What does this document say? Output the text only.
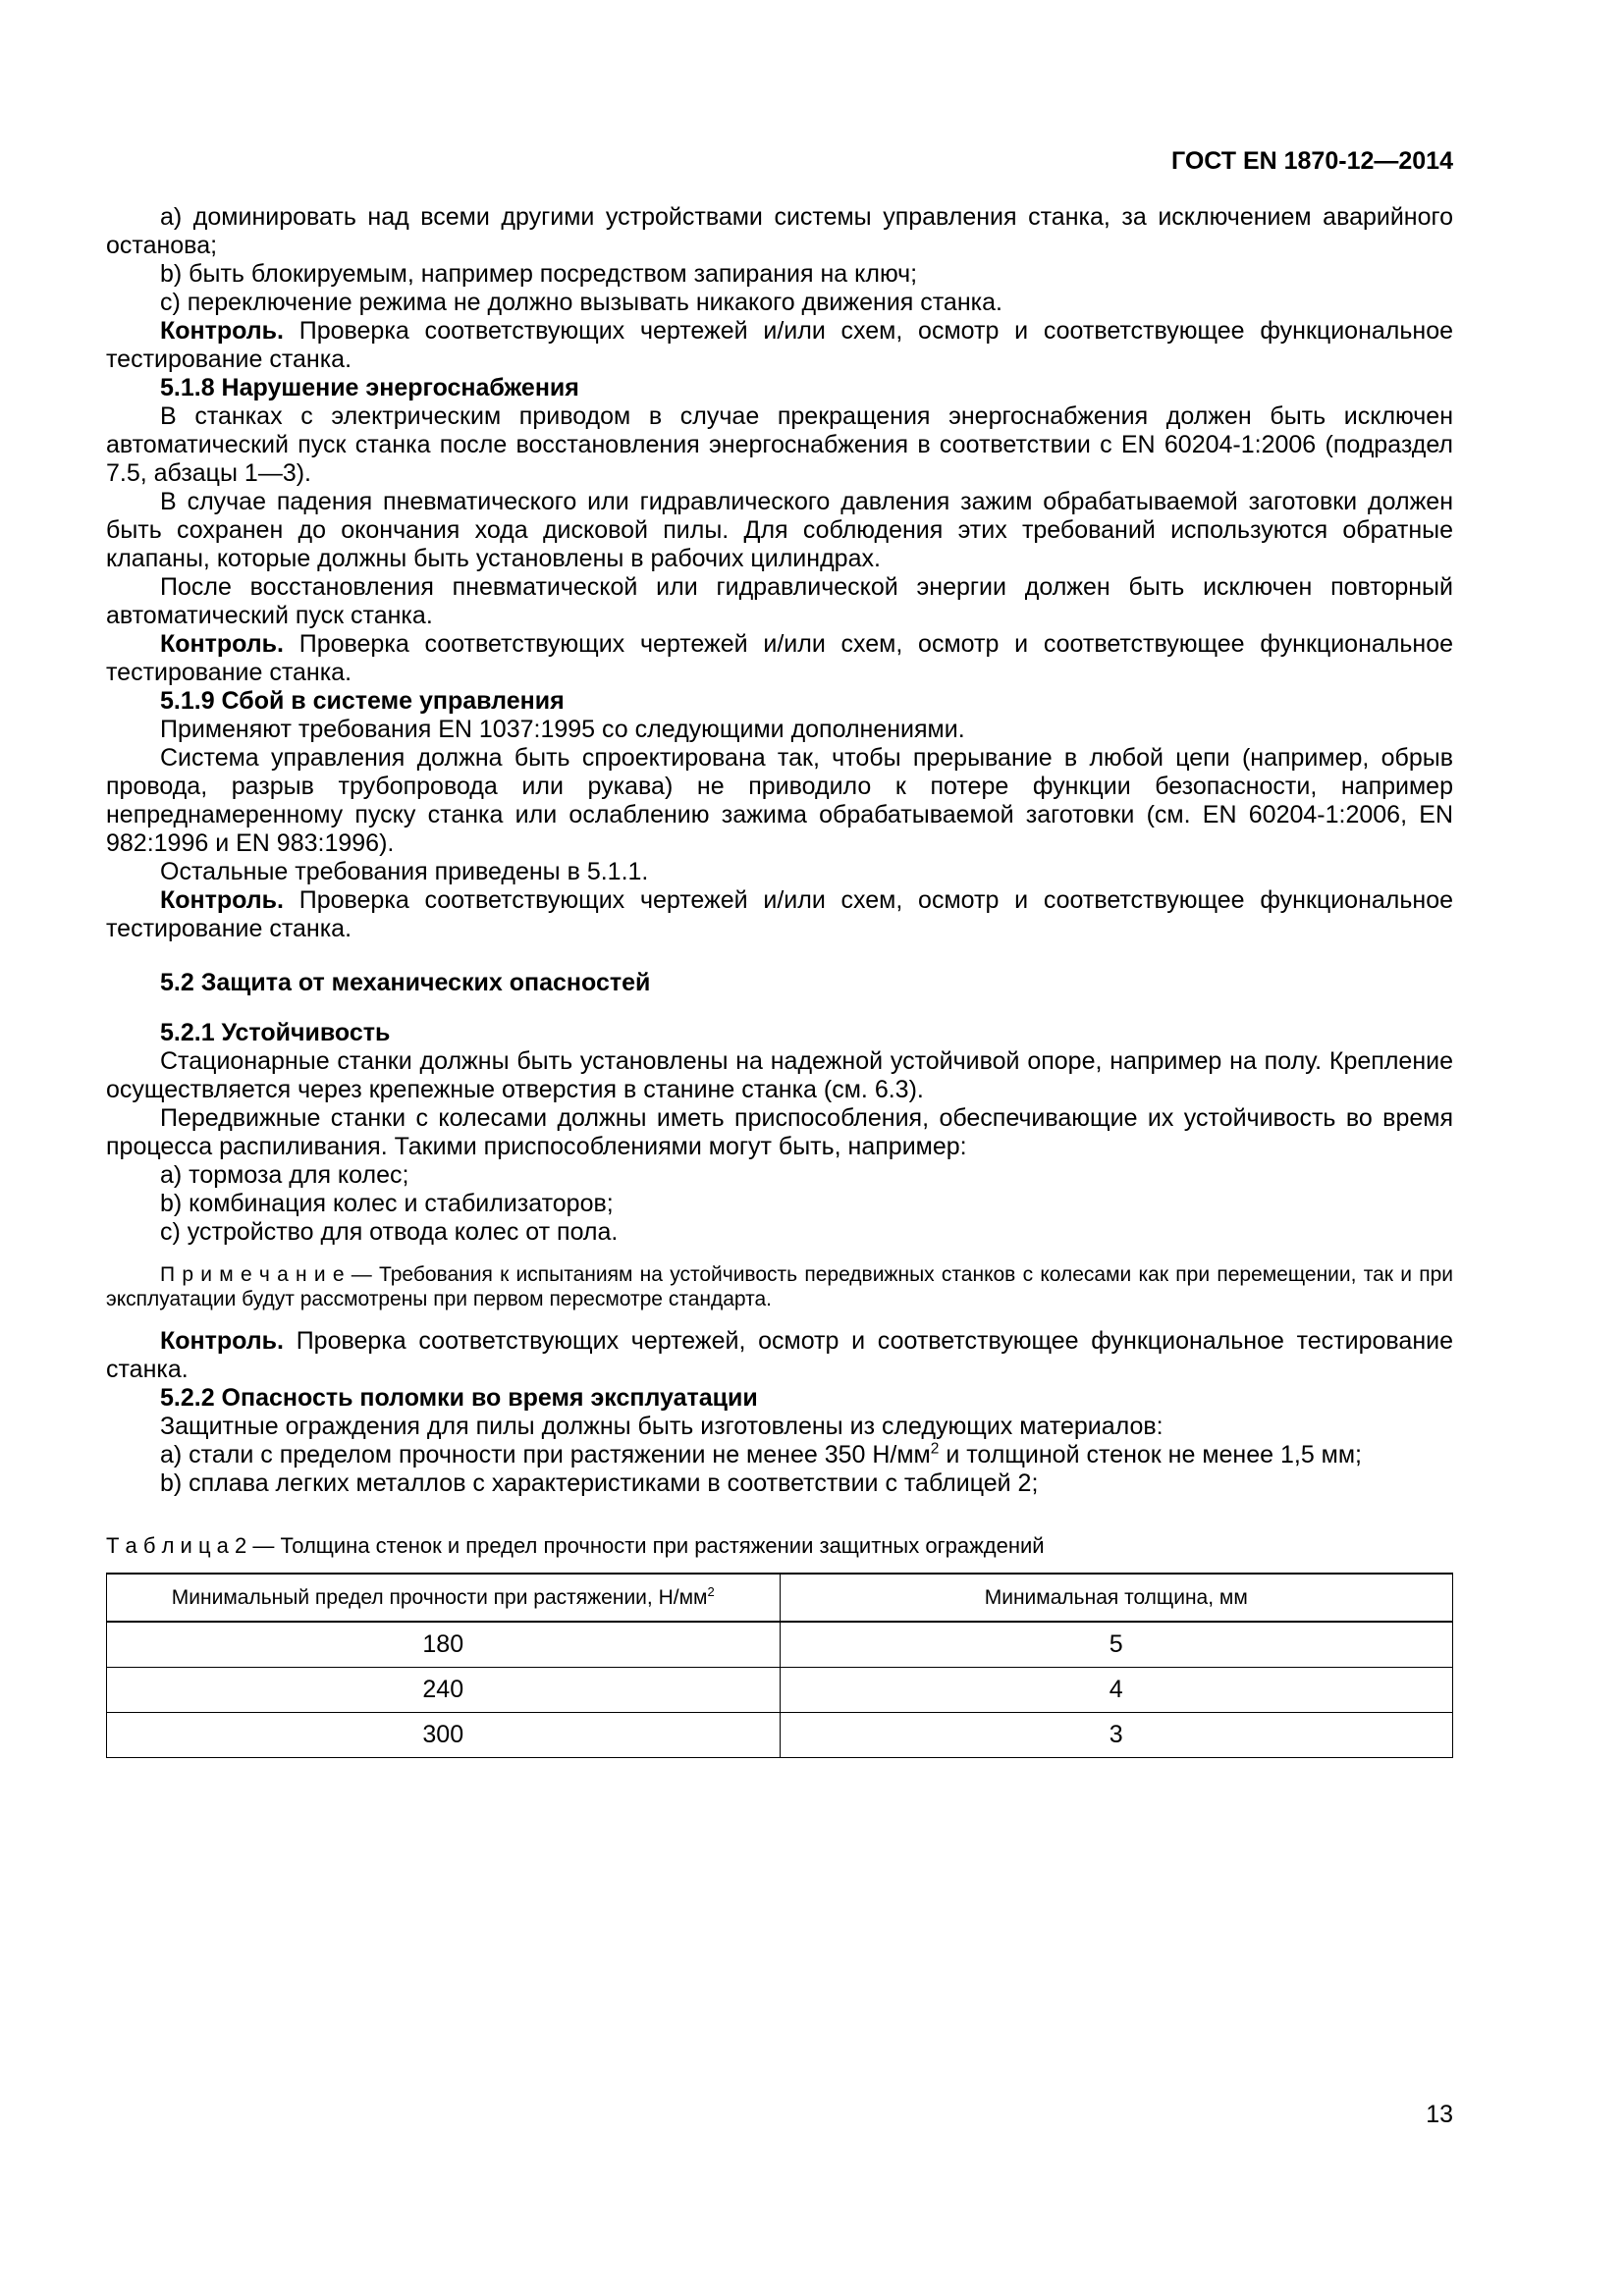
ГОСТ EN 1870-12—2014

а) доминировать над всеми другими устройствами системы управления станка, за исключением аварийного останова;

b) быть блокируемым, например посредством запирания на ключ;

c) переключение режима не должно вызывать никакого движения станка.

Контроль. Проверка соответствующих чертежей и/или схем, осмотр и соответствующее функциональное тестирование станка.

5.1.8 Нарушение энергоснабжения

В станках с электрическим приводом в случае прекращения энергоснабжения должен быть исключен автоматический пуск станка после восстановления энергоснабжения в соответствии с EN 60204-1:2006 (подраздел 7.5, абзацы 1—3).

В случае падения пневматического или гидравлического давления зажим обрабатываемой заготовки должен быть сохранен до окончания хода дисковой пилы. Для соблюдения этих требований используются обратные клапаны, которые должны быть установлены в рабочих цилиндрах.

После восстановления пневматической или гидравлической энергии должен быть исключен повторный автоматический пуск станка.

Контроль. Проверка соответствующих чертежей и/или схем, осмотр и соответствующее функциональное тестирование станка.

5.1.9 Сбой в системе управления

Применяют требования EN 1037:1995 со следующими дополнениями.

Система управления должна быть спроектирована так, чтобы прерывание в любой цепи (например, обрыв провода, разрыв трубопровода или рукава) не приводило к потере функции безопасности, например непреднамеренному пуску станка или ослаблению зажима обрабатываемой заготовки (см. EN 60204-1:2006, EN 982:1996 и EN 983:1996).

Остальные требования приведены в 5.1.1.

Контроль. Проверка соответствующих чертежей и/или схем, осмотр и соответствующее функциональное тестирование станка.

5.2 Защита от механических опасностей

5.2.1 Устойчивость

Стационарные станки должны быть установлены на надежной устойчивой опоре, например на полу. Крепление осуществляется через крепежные отверстия в станине станка (см. 6.3).

Передвижные станки с колесами должны иметь приспособления, обеспечивающие их устойчивость во время процесса распиливания. Такими приспособлениями могут быть, например:

а) тормоза для колес;

b) комбинация колес и стабилизаторов;

c) устройство для отвода колес от пола.

П р и м е ч а н и е — Требования к испытаниям на устойчивость передвижных станков с колесами как при перемещении, так и при эксплуатации будут рассмотрены при первом пересмотре стандарта.

Контроль. Проверка соответствующих чертежей, осмотр и соответствующее функциональное тестирование станка.

5.2.2 Опасность поломки во время эксплуатации

Защитные ограждения для пилы должны быть изготовлены из следующих материалов:

а) стали с пределом прочности при растяжении не менее 350 $Н/мм^2$ и толщиной стенок не менее 1,5 мм;

b) сплава легких металлов с характеристиками в соответствии с таблицей 2;

Т а б л и ц а 2 — Толщина стенок и предел прочности при растяжении защитных ограждений

Минимальный предел прочности при растяжении, $Н/мм^2$	Минимальная толщина, мм
180	5
240	4
300	3
13
